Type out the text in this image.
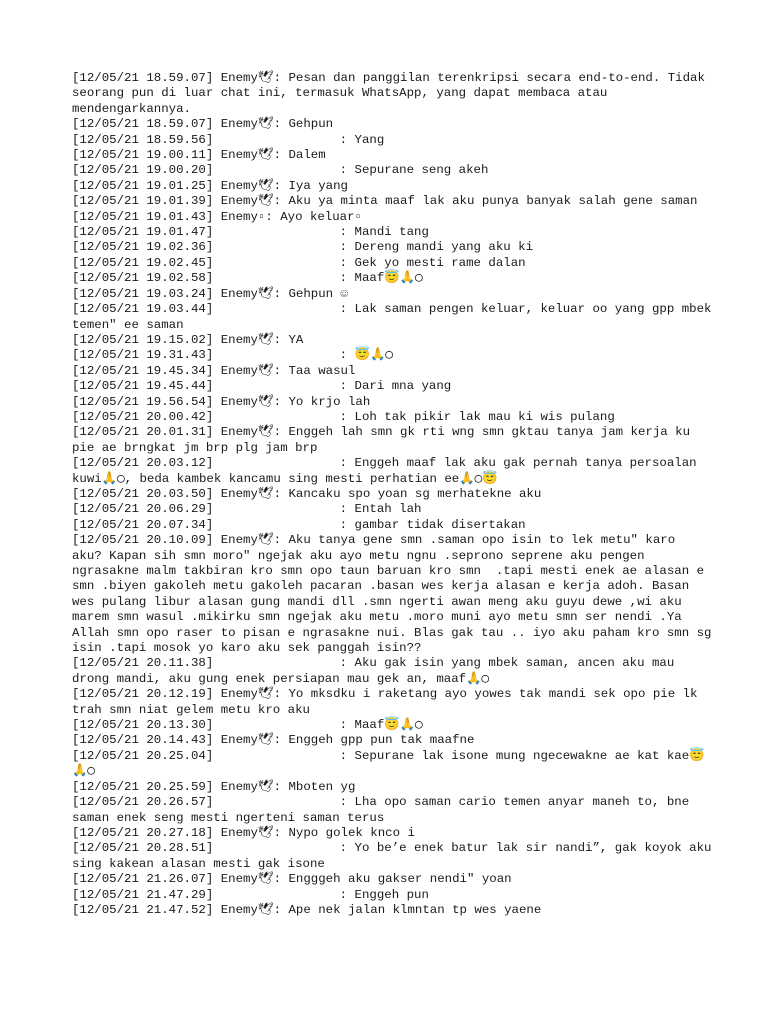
[12/05/21 18.59.07] Enemy🕊: Pesan dan panggilan terenkripsi secara end-to-end. Tidak seorang pun di luar chat ini, termasuk WhatsApp, yang dapat membaca atau mendengarkannya.

[12/05/21 18.59.07] Enemy🕊: Gehpun

[12/05/21 18.59.56]                 : Yang

[12/05/21 19.00.11] Enemy🕊: Dalem

[12/05/21 19.00.20]                 : Sepurane seng akeh

[12/05/21 19.01.25] Enemy🕊: Iya yang

[12/05/21 19.01.39] Enemy🕊: Aku ya minta maaf lak aku punya banyak salah gene saman

[12/05/21 19.01.43] Enemy▫: Ayo keluar▫

[12/05/21 19.01.47]                 : Mandi tang

[12/05/21 19.02.36]                 : Dereng mandi yang aku ki

[12/05/21 19.02.45]                 : Gek yo mesti rame dalan

[12/05/21 19.02.58]                 : Maaf😇🙏◯

[12/05/21 19.03.24] Enemy🕊: Gehpun ☺

[12/05/21 19.03.44]                 : Lak saman pengen keluar, keluar oo yang gpp mbek temen" ee saman

[12/05/21 19.15.02] Enemy🕊: YA

[12/05/21 19.31.43]                 : 😇🙏◯

[12/05/21 19.45.34] Enemy🕊: Taa wasul

[12/05/21 19.45.44]                 : Dari mna yang

[12/05/21 19.56.54] Enemy🕊: Yo krjo lah

[12/05/21 20.00.42]                 : Loh tak pikir lak mau ki wis pulang

[12/05/21 20.01.31] Enemy🕊: Enggeh lah smn gk rti wng smn gktau tanya jam kerja ku pie ae brngkat jm brp plg jam brp

[12/05/21 20.03.12]                 : Enggeh maaf lak aku gak pernah tanya persoalan kuwi🙏◯, beda kambek kancamu sing mesti perhatian ee🙏◯😇

[12/05/21 20.03.50] Enemy🕊: Kancaku spo yoan sg merhatekne aku

[12/05/21 20.06.29]                 : Entah lah

[12/05/21 20.07.34]                 : gambar tidak disertakan

[12/05/21 20.10.09] Enemy🕊: Aku tanya gene smn .saman opo isin to lek metu" karo aku? Kapan sih smn moro" ngejak aku ayo metu ngnu .seprono seprene aku pengen ngrasakne malm takbiran kro smn opo taun baruan kro smn  .tapi mesti enek ae alasan e smn .biyen gakoleh metu gakoleh pacaran .basan wes kerja alasan e kerja adoh. Basan wes pulang libur alasan gung mandi dll .smn ngerti awan meng aku guyu dewe ,wi aku marem smn wasul .mikirku smn ngejak aku metu .moro muni ayo metu smn ser nendi .Ya Allah smn opo raser to pisan e ngrasakne nui. Blas gak tau .. iyo aku paham kro smn sg isin .tapi mosok yo karo aku sek panggah isin??

[12/05/21 20.11.38]                 : Aku gak isin yang mbek saman, ancen aku mau drong mandi, aku gung enek persiapan mau gek an, maaf🙏◯

[12/05/21 20.12.19] Enemy🕊: Yo mksdku i raketang ayo yowes tak mandi sek opo pie lk trah smn niat gelem metu kro aku

[12/05/21 20.13.30]                 : Maaf😇🙏◯

[12/05/21 20.14.43] Enemy🕊: Enggeh gpp pun tak maafne

[12/05/21 20.25.04]                 : Sepurane lak isone mung ngecewakne ae kat kae😇🙏◯

[12/05/21 20.25.59] Enemy🕊: Mboten yg

[12/05/21 20.26.57]                 : Lha opo saman cario temen anyar maneh to, bne saman enek seng mesti ngerteni saman terus

[12/05/21 20.27.18] Enemy🕊: Nypo golek knco i

[12/05/21 20.28.51]                 : Yo be’e enek batur lak sir nandi”, gak koyok aku sing kakean alasan mesti gak isone

[12/05/21 21.26.07] Enemy🕊: Engggeh aku gakser nendi" yoan

[12/05/21 21.47.29]                 : Enggeh pun

[12/05/21 21.47.52] Enemy🕊: Ape nek jalan klmntan tp wes yaene
